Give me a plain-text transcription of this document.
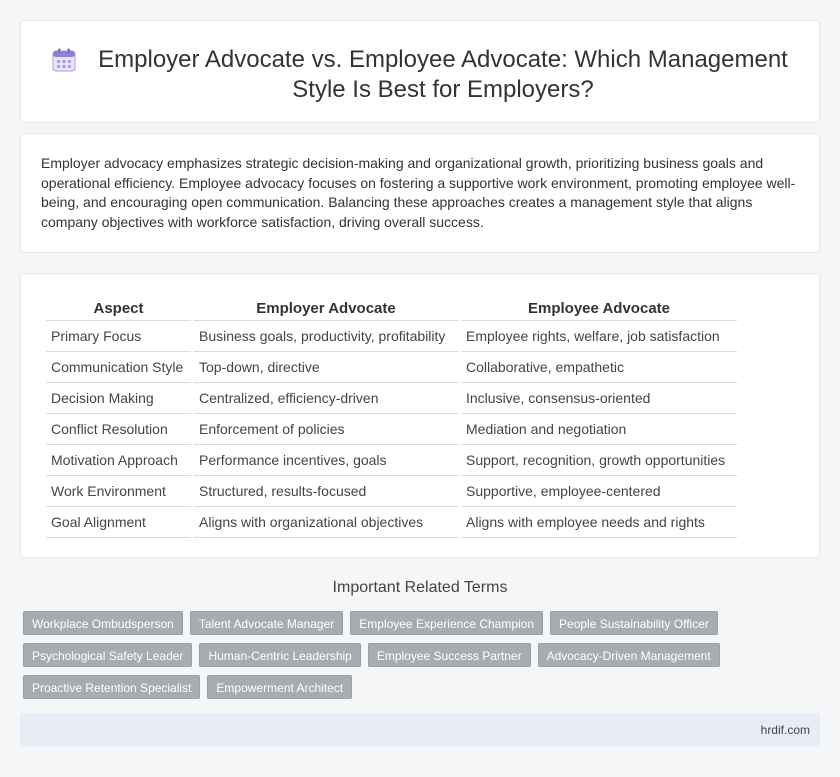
Employer Advocate vs. Employee Advocate: Which Management Style Is Best for Employers?

Employer advocacy emphasizes strategic decision-making and organizational growth, prioritizing business goals and operational efficiency. Employee advocacy focuses on fostering a supportive work environment, promoting employee well-being, and encouraging open communication. Balancing these approaches creates a management style that aligns company objectives with workforce satisfaction, driving overall success.

Aspect	Employer Advocate	Employee Advocate
Primary Focus	Business goals, productivity, profitability	Employee rights, welfare, job satisfaction
Communication Style	Top-down, directive	Collaborative, empathetic
Decision Making	Centralized, efficiency-driven	Inclusive, consensus-oriented
Conflict Resolution	Enforcement of policies	Mediation and negotiation
Motivation Approach	Performance incentives, goals	Support, recognition, growth opportunities
Work Environment	Structured, results-focused	Supportive, employee-centered
Goal Alignment	Aligns with organizational objectives	Aligns with employee needs and rights
Important Related Terms
Workplace Ombudsperson	Talent Advocate Manager	Employee Experience Champion	People Sustainability Officer
Psychological Safety Leader	Human-Centric Leadership	Employee Success Partner	Advocacy-Driven Management
Proactive Retention Specialist	Empowerment Architect
hrdif.com
